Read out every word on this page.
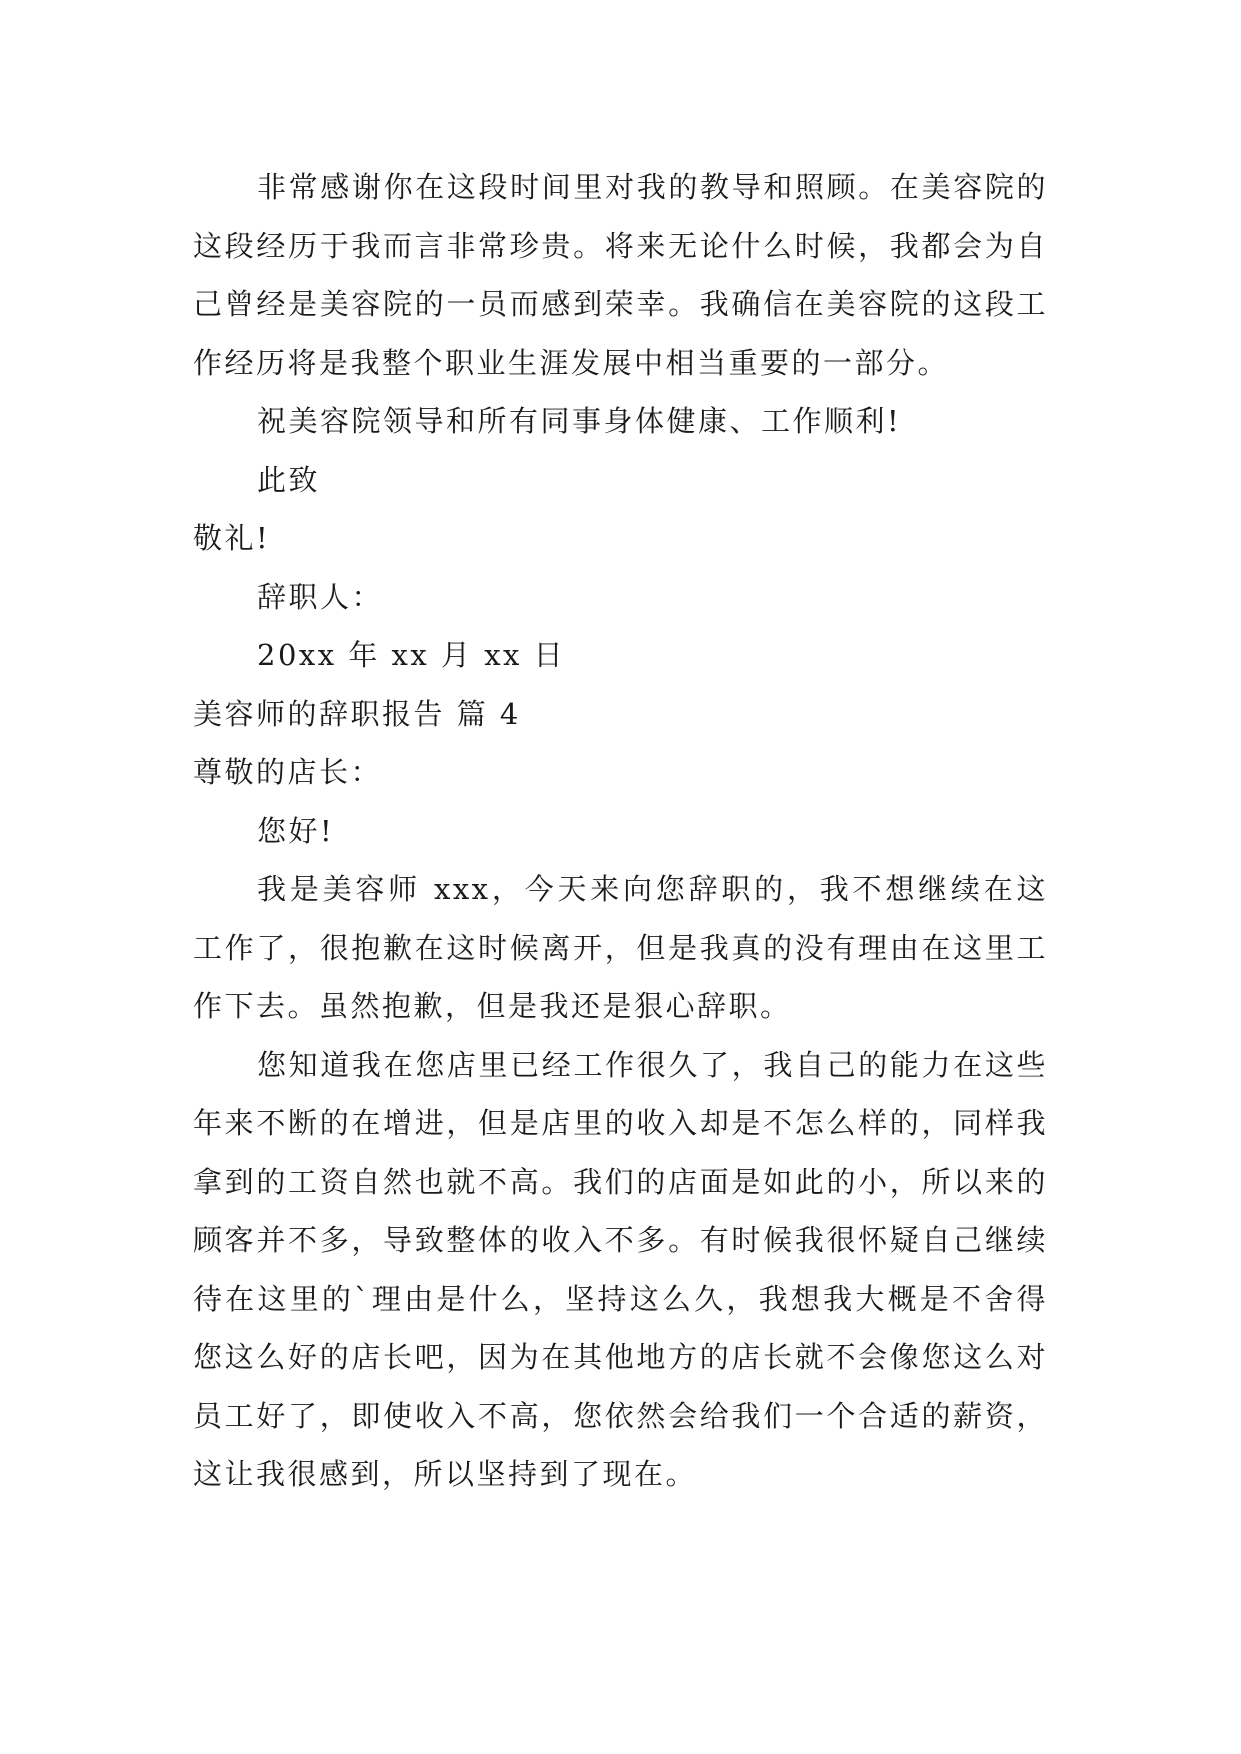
非常感谢你在这段时间里对我的教导和照顾。在美容院的这段经历于我而言非常珍贵。将来无论什么时候，我都会为自己曾经是美容院的一员而感到荣幸。我确信在美容院的这段工作经历将是我整个职业生涯发展中相当重要的一部分。

祝美容院领导和所有同事身体健康、工作顺利!

此致

敬礼!

辞职人：

20xx 年 xx 月 xx 日

美容师的辞职报告 篇 4

尊敬的店长：

您好!

我是美容师 xxx，今天来向您辞职的，我不想继续在这工作了，很抱歉在这时候离开，但是我真的没有理由在这里工作下去。虽然抱歉，但是我还是狠心辞职。

您知道我在您店里已经工作很久了，我自己的能力在这些年来不断的在增进，但是店里的收入却是不怎么样的，同样我拿到的工资自然也就不高。我们的店面是如此的小，所以来的顾客并不多，导致整体的收入不多。有时候我很怀疑自己继续待在这里的`理由是什么，坚持这么久，我想我大概是不舍得您这么好的店长吧，因为在其他地方的店长就不会像您这么对员工好了，即使收入不高，您依然会给我们一个合适的薪资，这让我很感到，所以坚持到了现在。
